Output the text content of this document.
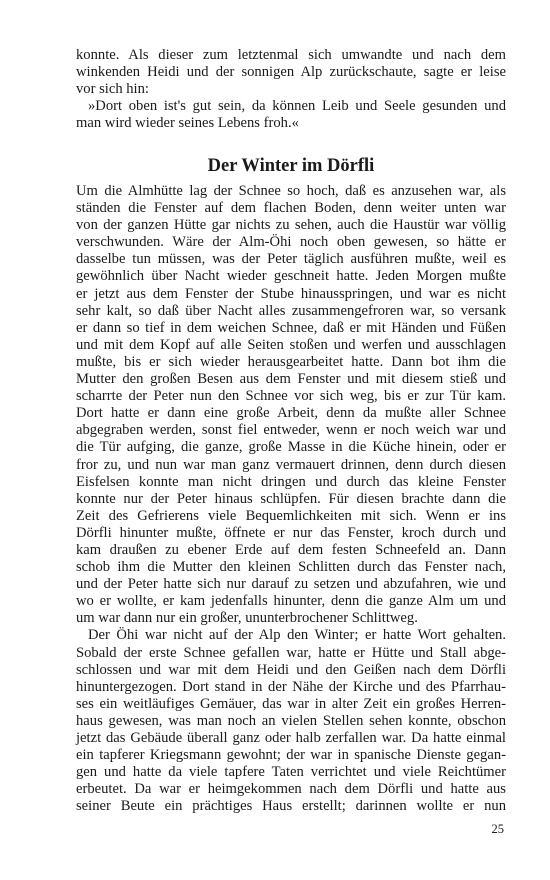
konnte. Als dieser zum letztenmal sich umwandte und nach dem
winkenden Heidi und der sonnigen Alp zurückschaute, sagte er leise
vor sich hin:
»Dort oben ist's gut sein, da können Leib und Seele gesunden und
man wird wieder seines Lebens froh.«
Der Winter im Dörfli
Um die Almhütte lag der Schnee so hoch, daß es anzusehen war, als
ständen die Fenster auf dem flachen Boden, denn weiter unten war
von der ganzen Hütte gar nichts zu sehen, auch die Haustür war völlig
verschwunden. Wäre der Alm-Öhi noch oben gewesen, so hätte er
dasselbe tun müssen, was der Peter täglich ausführen mußte, weil es
gewöhnlich über Nacht wieder geschneit hatte. Jeden Morgen mußte
er jetzt aus dem Fenster der Stube hinausspringen, und war es nicht
sehr kalt, so daß über Nacht alles zusammengefroren war, so versank
er dann so tief in dem weichen Schnee, daß er mit Händen und Füßen
und mit dem Kopf auf alle Seiten stoßen und werfen und ausschlagen
mußte, bis er sich wieder herausgearbeitet hatte. Dann bot ihm die
Mutter den großen Besen aus dem Fenster und mit diesem stieß und
scharrte der Peter nun den Schnee vor sich weg, bis er zur Tür kam.
Dort hatte er dann eine große Arbeit, denn da mußte aller Schnee
abgegraben werden, sonst fiel entweder, wenn er noch weich war und
die Tür aufging, die ganze, große Masse in die Küche hinein, oder er
fror zu, und nun war man ganz vermauert drinnen, denn durch diesen
Eisfelsen konnte man nicht dringen und durch das kleine Fenster
konnte nur der Peter hinaus schlüpfen. Für diesen brachte dann die
Zeit des Gefrierens viele Bequemlichkeiten mit sich. Wenn er ins
Dörfli hinunter mußte, öffnete er nur das Fenster, kroch durch und
kam draußen zu ebener Erde auf dem festen Schneefeld an. Dann
schob ihm die Mutter den kleinen Schlitten durch das Fenster nach,
und der Peter hatte sich nur darauf zu setzen und abzufahren, wie und
wo er wollte, er kam jedenfalls hinunter, denn die ganze Alm um und
um war dann nur ein großer, ununterbrochener Schlittweg.
Der Öhi war nicht auf der Alp den Winter; er hatte Wort gehalten.
Sobald der erste Schnee gefallen war, hatte er Hütte und Stall abge-
schlossen und war mit dem Heidi und den Geißen nach dem Dörfli
hinuntergezogen. Dort stand in der Nähe der Kirche und des Pfarrhau-
ses ein weitläufiges Gemäuer, das war in alter Zeit ein großes Herren-
haus gewesen, was man noch an vielen Stellen sehen konnte, obschon
jetzt das Gebäude überall ganz oder halb zerfallen war. Da hatte einmal
ein tapferer Kriegsmann gewohnt; der war in spanische Dienste gegan-
gen und hatte da viele tapfere Taten verrichtet und viele Reichtümer
erbeutet. Da war er heimgekommen nach dem Dörfli und hatte aus
seiner Beute ein prächtiges Haus erstellt; darinnen wollte er nun
25
